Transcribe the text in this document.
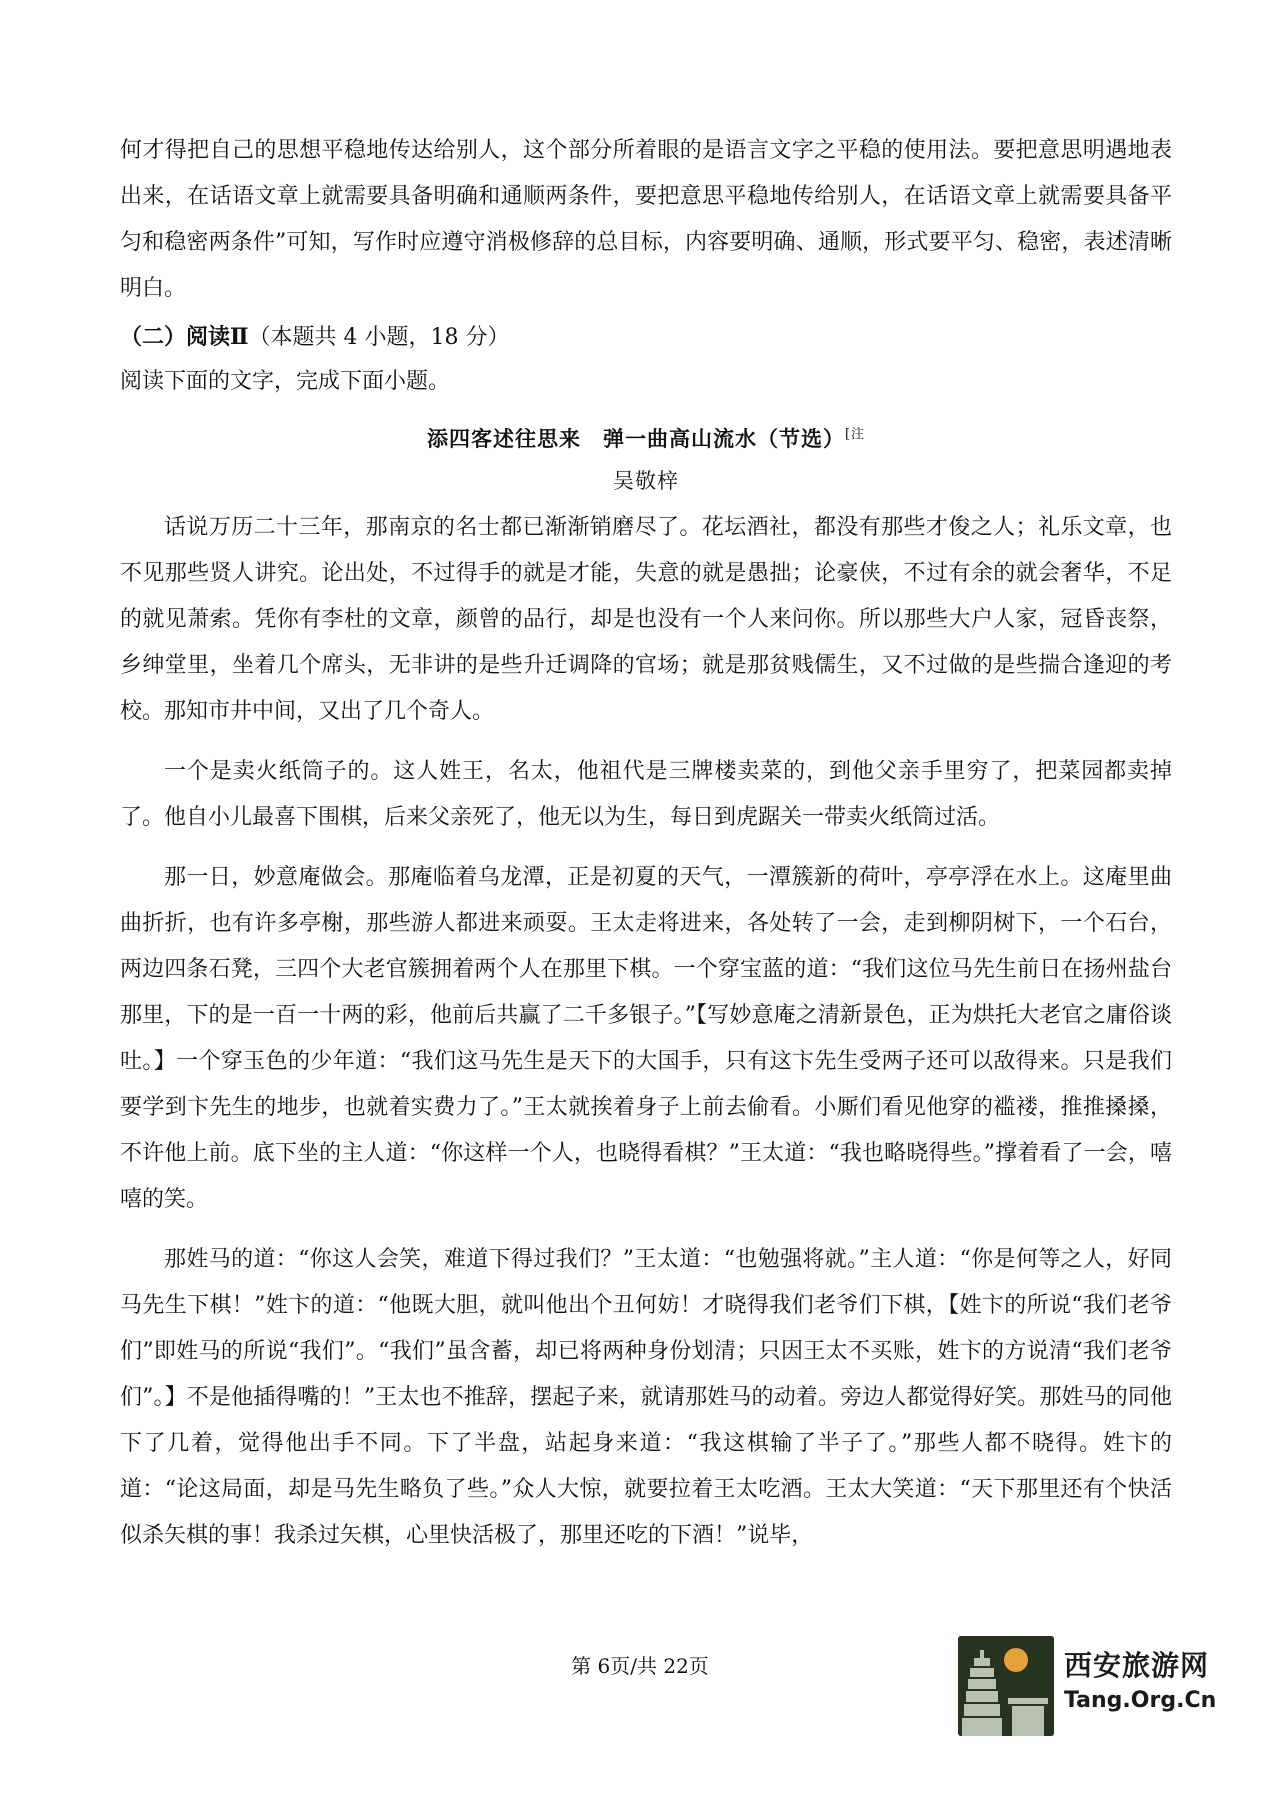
何才得把自己的思想平稳地传达给别人，这个部分所着眼的是语言文字之平稳的使用法。要把意思明遇地表出来，在话语文章上就需要具备明确和通顺两条件，要把意思平稳地传给别人，在话语文章上就需要具备平匀和稳密两条件”可知，写作时应遵守消极修辞的总目标，内容要明确、通顺，形式要平匀、稳密，表述清晰明白。

（二）阅读Ⅱ（本题共 4 小题，18 分）

阅读下面的文字，完成下面小题。

添四客述往思来　弹一曲高山流水（节选）$^{[注}$
吴敬梓

话说万历二十三年，那南京的名士都已渐渐销磨尽了。花坛酒社，都没有那些才俊之人；礼乐文章，也不见那些贤人讲究。论出处，不过得手的就是才能，失意的就是愚拙；论豪侠，不过有余的就会奢华，不足的就见萧索。凭你有李杜的文章，颜曾的品行，却是也没有一个人来问你。所以那些大户人家，冠昏丧祭，乡绅堂里，坐着几个席头，无非讲的是些升迁调降的官场；就是那贫贱儒生，又不过做的是些揣合逢迎的考校。那知市井中间，又出了几个奇人。

一个是卖火纸筒子的。这人姓王，名太，他祖代是三牌楼卖菜的，到他父亲手里穷了，把菜园都卖掉了。他自小儿最喜下围棋，后来父亲死了，他无以为生，每日到虎踞关一带卖火纸筒过活。

那一日，妙意庵做会。那庵临着乌龙潭，正是初夏的天气，一潭簇新的荷叶，亭亭浮在水上。这庵里曲曲折折，也有许多亭榭，那些游人都进来顽耍。王太走将进来，各处转了一会，走到柳阴树下，一个石台，两边四条石凳，三四个大老官簇拥着两个人在那里下棋。一个穿宝蓝的道：“我们这位马先生前日在扬州盐台那里，下的是一百一十两的彩，他前后共赢了二千多银子。”【写妙意庵之清新景色，正为烘托大老官之庸俗谈吐。】一个穿玉色的少年道：“我们这马先生是天下的大国手，只有这卞先生受两子还可以敌得来。只是我们要学到卞先生的地步，也就着实费力了。”王太就挨着身子上前去偷看。小厮们看见他穿的褴褛，推推搡搡，不许他上前。底下坐的主人道：“你这样一个人，也晓得看棋？”王太道：“我也略晓得些。”撑着看了一会，嘻嘻的笑。

那姓马的道：“你这人会笑，难道下得过我们？”王太道：“也勉强将就。”主人道：“你是何等之人，好同马先生下棋！”姓卞的道：“他既大胆，就叫他出个丑何妨！才晓得我们老爷们下棋，【姓卞的所说“我们老爷们”即姓马的所说“我们”。“我们”虽含蓄，却已将两种身份划清；只因王太不买账，姓卞的方说清“我们老爷们”。】不是他插得嘴的！”王太也不推辞，摆起子来，就请那姓马的动着。旁边人都觉得好笑。那姓马的同他下了几着，觉得他出手不同。下了半盘，站起身来道：“我这棋输了半子了。”那些人都不晓得。姓卞的道：“论这局面，却是马先生略负了些。”众人大惊，就要拉着王太吃酒。王太大笑道：“天下那里还有个快活似杀矢棋的事！我杀过矢棋，心里快活极了，那里还吃的下酒！”说毕，

第 6页/共 22页	西安旅游网
Tang.Org.Cn
